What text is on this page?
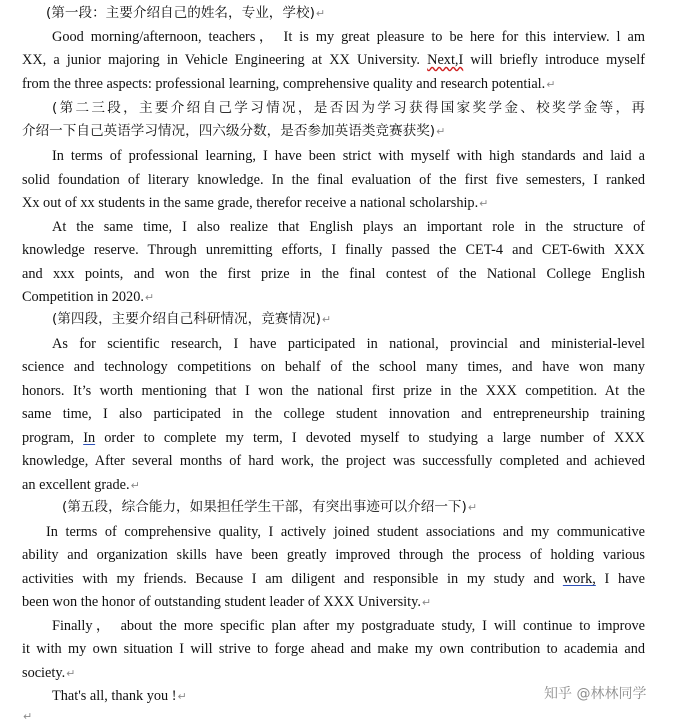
(第一段：主要介绍自己的姓名，专业，学校)↵
Good morning/afternoon, teachers， It is my great pleasure to be here for this interview. l am
XX, a junior majoring in Vehicle Engineering at XX University. Next,I will briefly introduce myself
from the three aspects: professional learning, comprehensive quality and research potential.↵
(第二三段，主要介绍自己学习情况，是否因为学习获得国家奖学金、校奖学金等，再
介绍一下自己英语学习情况，四六级分数，是否参加英语类竞赛获奖)↵
In terms of professional learning, I have been strict with myself with high standards and laid a
solid foundation of literary knowledge. In the final evaluation of the first five semesters, I ranked
Xx out of xx students in the same grade, therefor receive a national scholarship.↵
At the same time, I also realize that English plays an important role in the structure of
knowledge reserve. Through unremitting efforts, I finally passed the CET-4 and CET-6with XXX
and xxx points, and won the first prize in the final contest of the National College English
Competition in 2020.↵
(第四段，主要介绍自己科研情况，竞赛情况)↵
As for scientific research, I have participated in national, provincial and ministerial-level
science and technology competitions on behalf of the school many times, and have won many
honors. It’s worth mentioning that I won the national first prize in the XXX competition. At the
same time, I also participated in the college student innovation and entrepreneurship training
program, In order to complete my term, I devoted myself to studying a large number of XXX
knowledge, After several months of hard work, the project was successfully completed and achieved
an excellent grade.↵
(第五段，综合能力，如果担任学生干部，有突出事迹可以介绍一下)↵
In terms of comprehensive quality, I actively joined student associations and my communicative
ability and organization skills have been greatly improved through the process of holding various
activities with my friends. Because I am diligent and responsible in my study and work, I have
been won the honor of outstanding student leader of XXX University.↵
Finally， about the more specific plan after my postgraduate study, I will continue to improve
it with my own situation I will strive to forge ahead and make my own contribution to academia and
society.↵
That's all, thank you !↵
↵
知乎 @林林同学
